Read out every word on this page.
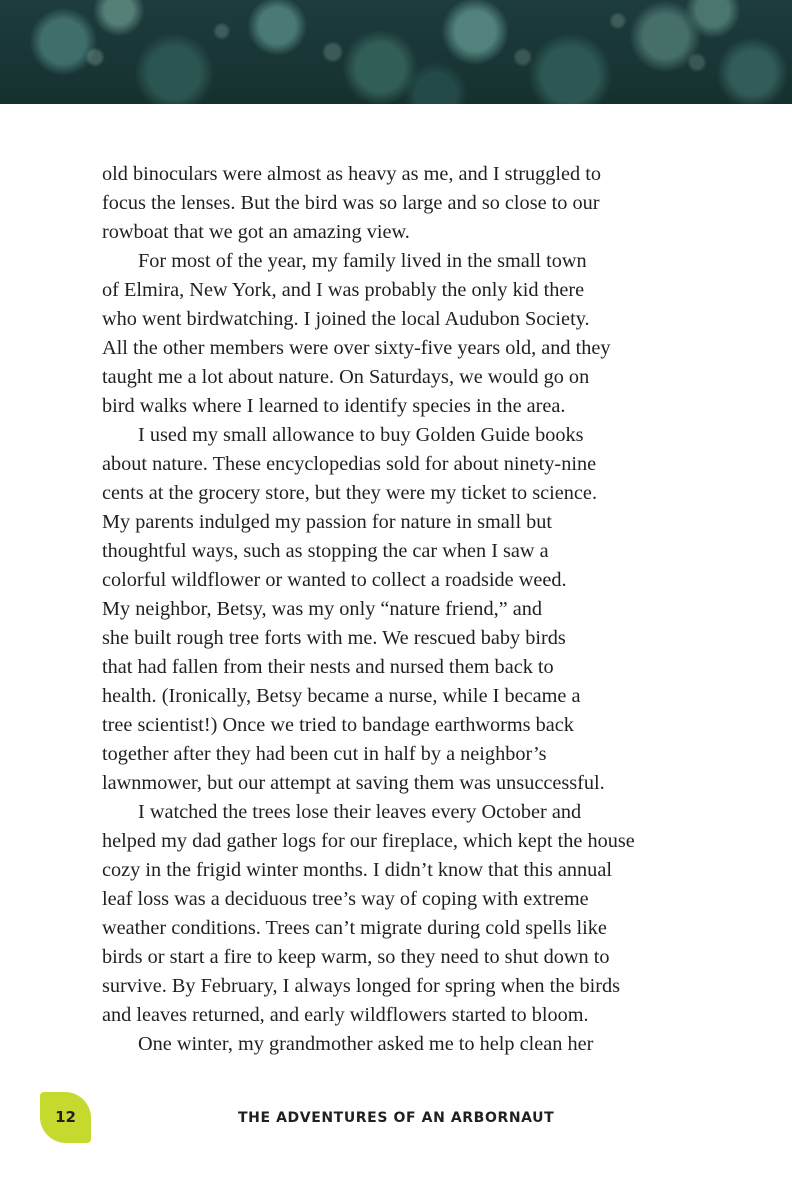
old binoculars were almost as heavy as me, and I struggled to
focus the lenses. But the bird was so large and so close to our
rowboat that we got an amazing view.
For most of the year, my family lived in the small town
of Elmira, New York, and I was probably the only kid there
who went birdwatching. I joined the local Audubon Society.
All the other members were over sixty-five years old, and they
taught me a lot about nature. On Saturdays, we would go on
bird walks where I learned to identify species in the area.
I used my small allowance to buy Golden Guide books
about nature. These encyclopedias sold for about ninety-nine
cents at the grocery store, but they were my ticket to science.
My parents indulged my passion for nature in small but
thoughtful ways, such as stopping the car when I saw a
colorful wildflower or wanted to collect a roadside weed.
My neighbor, Betsy, was my only “nature friend,” and
she built rough tree forts with me. We rescued baby birds
that had fallen from their nests and nursed them back to
health. (Ironically, Betsy became a nurse, while I became a
tree scientist!) Once we tried to bandage earthworms back
together after they had been cut in half by a neighbor’s
lawnmower, but our attempt at saving them was unsuccessful.
I watched the trees lose their leaves every October and
helped my dad gather logs for our fireplace, which kept the house
cozy in the frigid winter months. I didn’t know that this annual
leaf loss was a deciduous tree’s way of coping with extreme
weather conditions. Trees can’t migrate during cold spells like
birds or start a fire to keep warm, so they need to shut down to
survive. By February, I always longed for spring when the birds
and leaves returned, and early wildflowers started to bloom.
One winter, my grandmother asked me to help clean her
12	THE ADVENTURES OF AN ARBORNAUT
